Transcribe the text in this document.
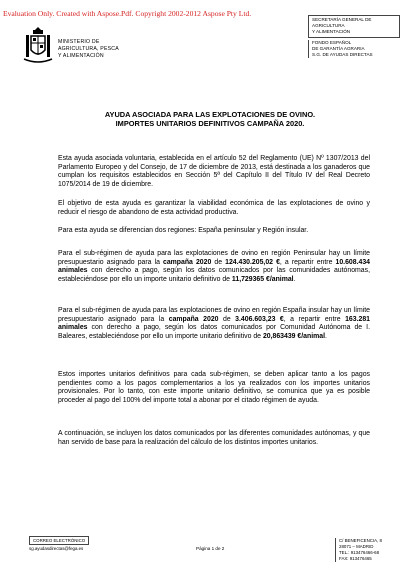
Evaluation Only. Created with Aspose.Pdf. Copyright 2002-2012 Aspose Pty Ltd.
MINISTERIO DE
AGRICULTURA, PESCA
Y ALIMENTACIÓN
SECRETARÍA GENERAL DE AGRICULTURA
Y ALIMENTACIÓN
FONDO ESPAÑOL
DE GARANTÍA AGRARIA
S.G. DE AYUDAS DIRECTAS
AYUDA ASOCIADA PARA LAS EXPLOTACIONES DE OVINO.
IMPORTES UNITARIOS DEFINITIVOS CAMPAÑA 2020.
Esta ayuda asociada voluntaria, establecida en el artículo 52 del Reglamento (UE) Nº 1307/2013 del Parlamento Europeo y del Consejo, de 17 de diciembre de 2013, está destinada a los ganaderos que cumplan los requisitos establecidos en Sección 5ª del Capítulo II del Título IV del Real Decreto 1075/2014 de 19 de diciembre.
El objetivo de esta ayuda es garantizar la viabilidad económica de las explotaciones de ovino y reducir el riesgo de abandono de esta actividad productiva.
Para esta ayuda se diferencian dos regiones: España peninsular y Región insular.
Para el sub-régimen de ayuda para las explotaciones de ovino en región Peninsular hay un límite presupuestario asignado para la campaña 2020 de 124.430.205,02 €, a repartir entre 10.608.434 animales con derecho a pago, según los datos comunicados por las comunidades autónomas, estableciéndose por ello un importe unitario definitivo de 11,729365 €/animal.
Para el sub-régimen de ayuda para las explotaciones de ovino en región España insular hay un límite presupuestario asignado para la campaña 2020 de 3.406.603,23 €, a repartir entre 163.281 animales con derecho a pago, según los datos comunicados por Comunidad Autónoma de I. Baleares, estableciéndose por ello un importe unitario definitivo de 20,863439 €/animal.
Estos importes unitarios definitivos para cada sub-régimen, se deben aplicar tanto a los pagos pendientes como a los pagos complementarios a los ya realizados con los importes unitarios provisionales. Por lo tanto, con este importe unitario definitivo, se comunica que ya es posible proceder al pago del 100% del importe total a abonar por el citado régimen de ayuda.
A continuación, se incluyen los datos comunicados por las diferentes comunidades autónomas, y que han servido de base para la realización del cálculo de los distintos importes unitarios.
CORREO ELECTRÓNICO
sg.ayudasdirectas@fega.es	Página 1 de 2
C/ BENEFICENCIA, 8
28071 – MADRID
TEL.: 913476466-68
FAX: 913476465
